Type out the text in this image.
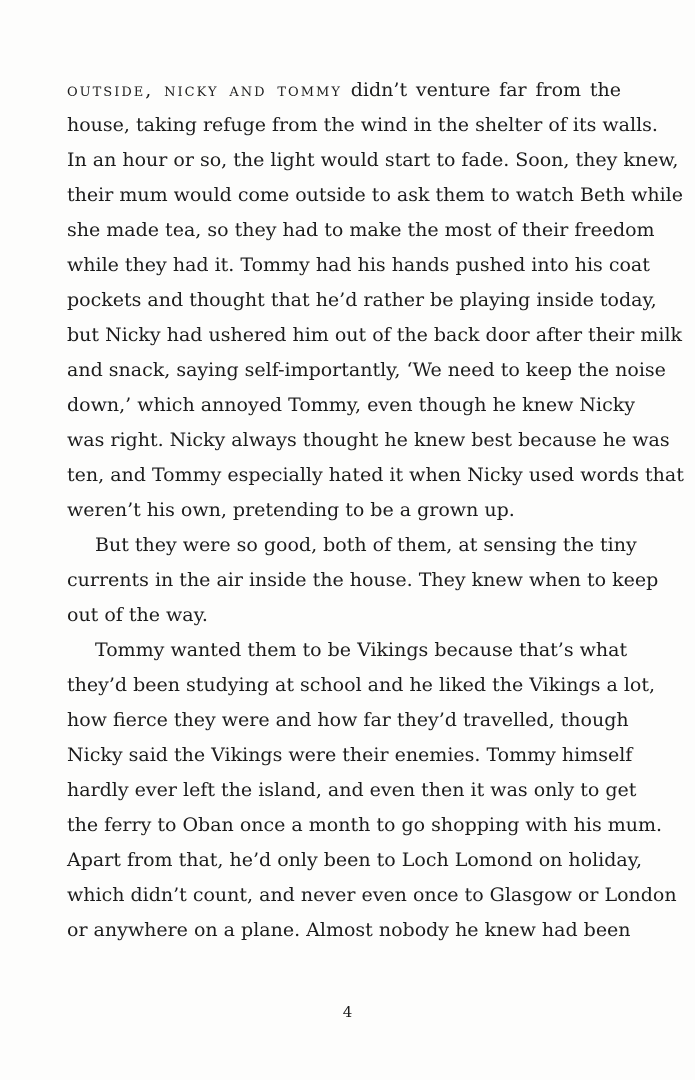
outside, nicky and tommy didn’t venture far from the
house, taking refuge from the wind in the shelter of its walls.
In an hour or so, the light would start to fade. Soon, they knew,
their mum would come outside to ask them to watch Beth while
she made tea, so they had to make the most of their freedom
while they had it. Tommy had his hands pushed into his coat
pockets and thought that he’d rather be playing inside today,
but Nicky had ushered him out of the back door after their milk
and snack, saying self-importantly, ‘We need to keep the noise
down,’ which annoyed Tommy, even though he knew Nicky
was right. Nicky always thought he knew best because he was
ten, and Tommy especially hated it when Nicky used words that
weren’t his own, pretending to be a grown up.
But they were so good, both of them, at sensing the tiny
currents in the air inside the house. They knew when to keep
out of the way.
Tommy wanted them to be Vikings because that’s what
they’d been studying at school and he liked the Vikings a lot,
how fierce they were and how far they’d travelled, though
Nicky said the Vikings were their enemies. Tommy himself
hardly ever left the island, and even then it was only to get
the ferry to Oban once a month to go shopping with his mum.
Apart from that, he’d only been to Loch Lomond on holiday,
which didn’t count, and never even once to Glasgow or London
or anywhere on a plane. Almost nobody he knew had been
4
